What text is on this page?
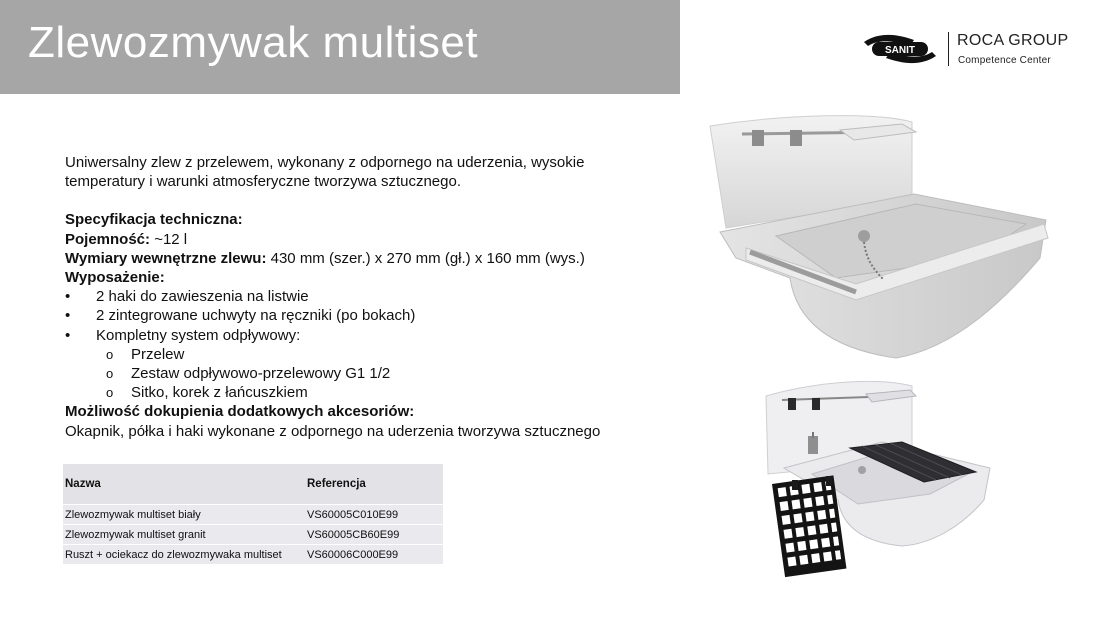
Zlewozmywak multiset	SANIT
ROCA GROUP
Competence Center

Uniwersalny zlew z przelewem, wykonany z odpornego na uderzenia, wysokie temperatury i warunki atmosferyczne tworzywa sztucznego.

Specyfikacja techniczna:

Pojemność: ~12 l

Wymiary wewnętrzne zlewu: 430 mm (szer.) x 270 mm (gł.) x 160 mm (wys.)

Wyposażenie:

• 2 haki do zawieszenia na listwie
• 2 zintegrowane uchwyty na ręczniki (po bokach)
• Kompletny system odpływowy:
o Przelew
o Zestaw odpływowo-przelewowy G1 1/2
o Sitko, korek z łańcuszkiem

Możliwość dokupienia dodatkowych akcesoriów:

Okapnik, półka i haki wykonane z odpornego na uderzenia tworzywa sztucznego

Nazwa	Referencja
Zlewozmywak multiset biały	VS60005C010E99
Zlewozmywak multiset granit	VS60005CB60E99
Ruszt + ociekacz do zlewozmywaka multiset	VS60006C000E99
